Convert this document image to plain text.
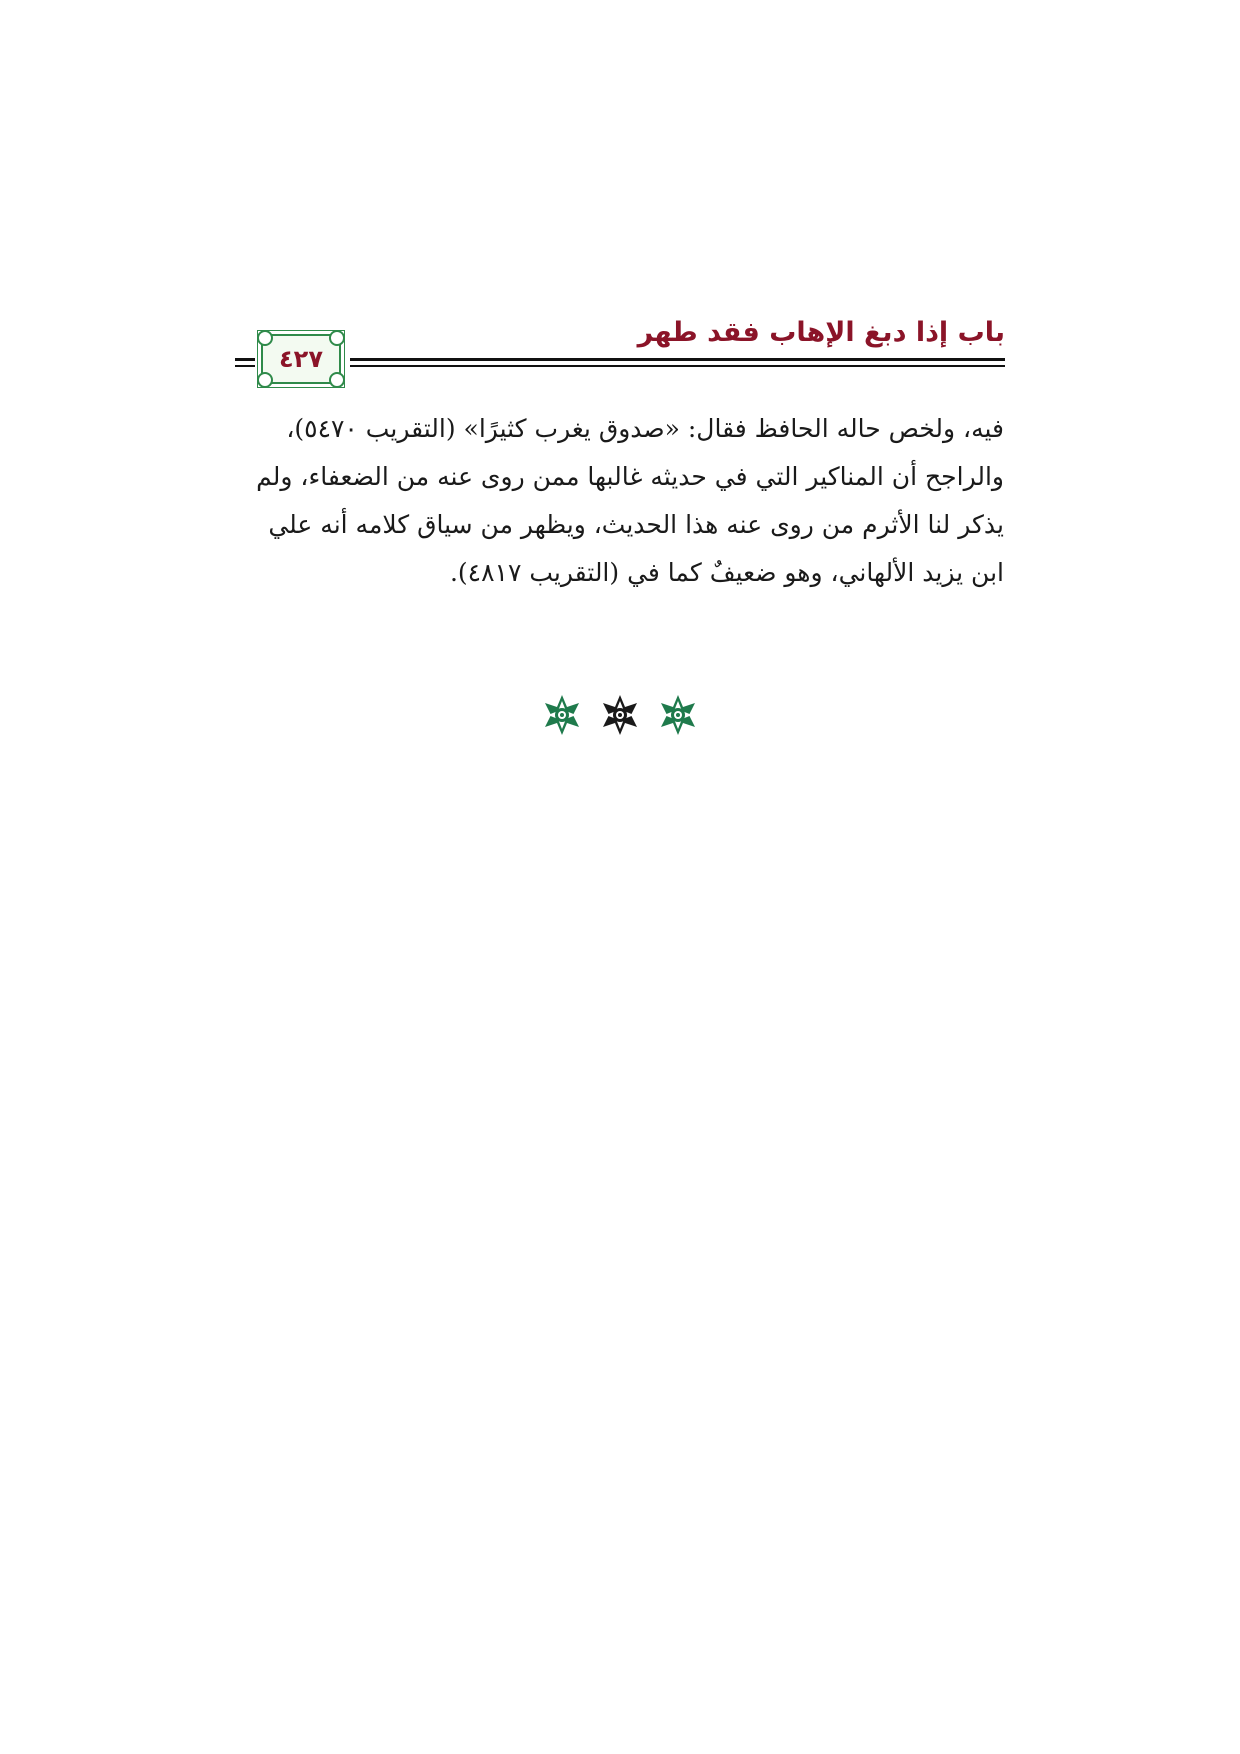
باب إذا دبغ الإهاب فقد طهر
٤٢٧
فيه، ولخص حاله الحافظ فقال: «صدوق يغرب كثيرًا» (التقريب ٥٤٧٠)،
والراجح أن المناكير التي في حديثه غالبها ممن روى عنه من الضعفاء، ولم
يذكر لنا الأثرم من روى عنه هذا الحديث، ويظهر من سياق كلامه أنه علي
ابن يزيد الألهاني، وهو ضعيفٌ كما في (التقريب ٤٨١٧).
